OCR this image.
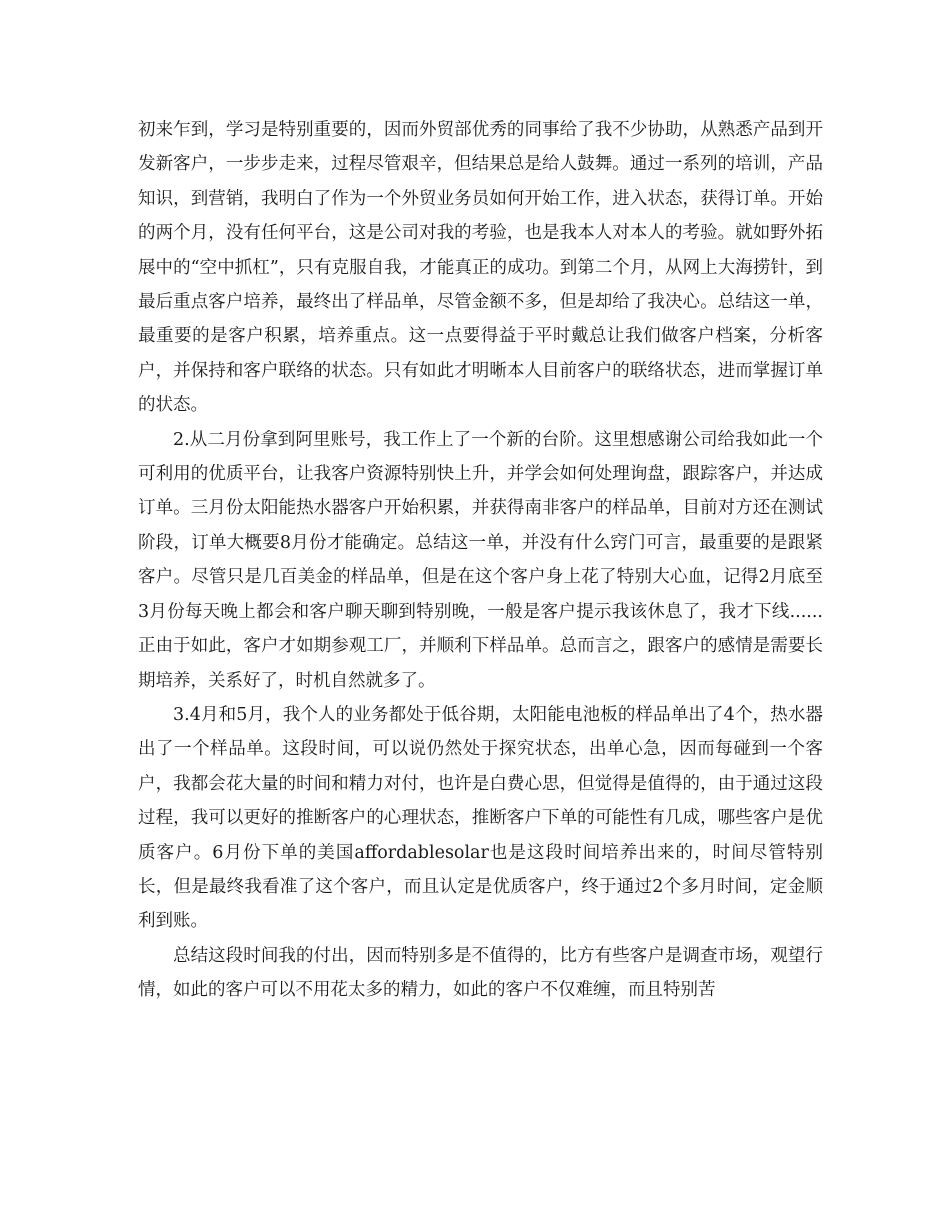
初来乍到，学习是特别重要的，因而外贸部优秀的同事给了我不少协助，从熟悉产品到开发新客户，一步步走来，过程尽管艰辛，但结果总是给人鼓舞。通过一系列的培训，产品知识，到营销，我明白了作为一个外贸业务员如何开始工作，进入状态，获得订单。开始的两个月，没有任何平台，这是公司对我的考验，也是我本人对本人的考验。就如野外拓展中的“空中抓杠”，只有克服自我，才能真正的成功。到第二个月，从网上大海捞针，到最后重点客户培养，最终出了样品单，尽管金额不多，但是却给了我决心。总结这一单，最重要的是客户积累，培养重点。这一点要得益于平时戴总让我们做客户档案，分析客户，并保持和客户联络的状态。只有如此才明晰本人目前客户的联络状态，进而掌握订单的状态。

2.从二月份拿到阿里账号，我工作上了一个新的台阶。这里想感谢公司给我如此一个可利用的优质平台，让我客户资源特别快上升，并学会如何处理询盘，跟踪客户，并达成订单。三月份太阳能热水器客户开始积累，并获得南非客户的样品单，目前对方还在测试阶段，订单大概要8月份才能确定。总结这一单，并没有什么窍门可言，最重要的是跟紧客户。尽管只是几百美金的样品单，但是在这个客户身上花了特别大心血，记得2月底至3月份每天晚上都会和客户聊天聊到特别晚，一般是客户提示我该休息了，我才下线......正由于如此，客户才如期参观工厂，并顺利下样品单。总而言之，跟客户的感情是需要长期培养，关系好了，时机自然就多了。

3.4月和5月，我个人的业务都处于低谷期，太阳能电池板的样品单出了4个，热水器出了一个样品单。这段时间，可以说仍然处于探究状态，出单心急，因而每碰到一个客户，我都会花大量的时间和精力对付，也许是白费心思，但觉得是值得的，由于通过这段过程，我可以更好的推断客户的心理状态，推断客户下单的可能性有几成，哪些客户是优质客户。6月份下单的美国affordablesolar也是这段时间培养出来的，时间尽管特别长，但是最终我看准了这个客户，而且认定是优质客户，终于通过2个多月时间，定金顺利到账。

总结这段时间我的付出，因而特别多是不值得的，比方有些客户是调查市场，观望行情，如此的客户可以不用花太多的精力，如此的客户不仅难缠，而且特别苦
